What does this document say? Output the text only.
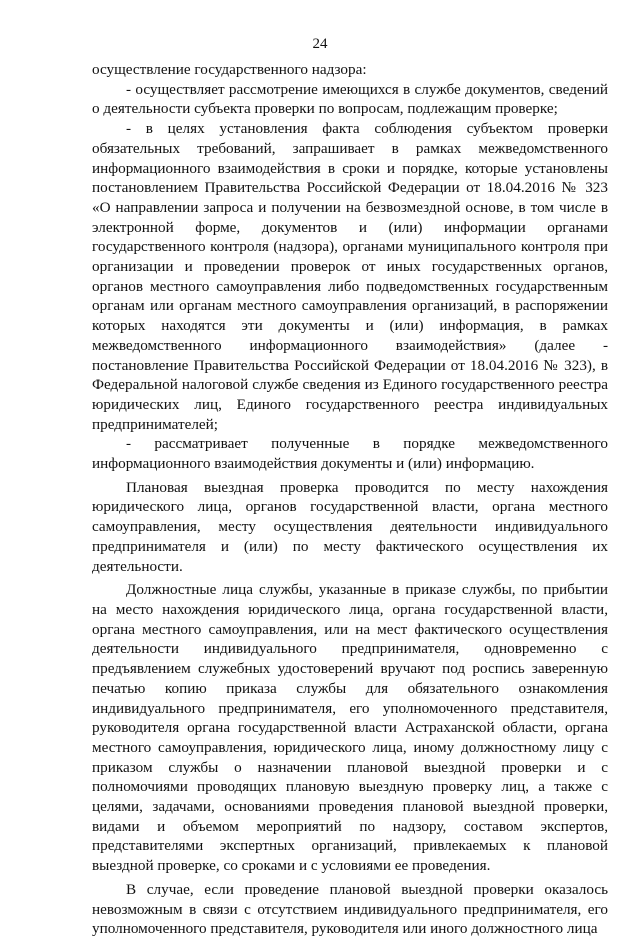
24

осуществление государственного надзора:

- осуществляет рассмотрение имеющихся в службе документов, сведений о деятельности субъекта проверки по вопросам, подлежащим проверке;

- в целях установления факта соблюдения субъектом проверки обязательных требований, запрашивает в рамках межведомственного информационного взаимодействия в сроки и порядке, которые установлены постановлением Правительства Российской Федерации от 18.04.2016 № 323 «О направлении запроса и получении на безвозмездной основе, в том числе в электронной форме, документов и (или) информации органами государственного контроля (надзора), органами муниципального контроля при организации и проведении проверок от иных государственных органов, органов местного самоуправления либо подведомственных государственным органам или органам местного самоуправления организаций, в распоряжении которых находятся эти документы и (или) информация, в рамках межведомственного информационного взаимодействия» (далее - постановление Правительства Российской Федерации от 18.04.2016 № 323), в Федеральной налоговой службе сведения из Единого государственного реестра юридических лиц, Единого государственного реестра индивидуальных предпринимателей;

- рассматривает полученные в порядке межведомственного информационного взаимодействия документы и (или) информацию.

Плановая выездная проверка проводится по месту нахождения юридического лица, органов государственной власти, органа местного самоуправления, месту осуществления деятельности индивидуального предпринимателя и (или) по месту фактического осуществления их деятельности.

Должностные лица службы, указанные в приказе службы, по прибытии на место нахождения юридического лица, органа государственной власти, органа местного самоуправления, или на мест фактического осуществления деятельности индивидуального предпринимателя, одновременно с предъявлением служебных удостоверений вручают под роспись заверенную печатью копию приказа службы для обязательного ознакомления индивидуального предпринимателя, его уполномоченного представителя, руководителя органа государственной власти Астраханской области, органа местного самоуправления, юридического лица, иному должностному лицу с приказом службы о назначении плановой выездной проверки и с полномочиями проводящих плановую выездную проверку лиц, а также с целями, задачами, основаниями проведения плановой выездной проверки, видами и объемом мероприятий по надзору, составом экспертов, представителями экспертных организаций, привлекаемых к плановой выездной проверке, со сроками и с условиями ее проведения.

В случае, если проведение плановой выездной проверки оказалось невозможным в связи с отсутствием индивидуального предпринимателя, его уполномоченного представителя, руководителя или иного должностного лица
